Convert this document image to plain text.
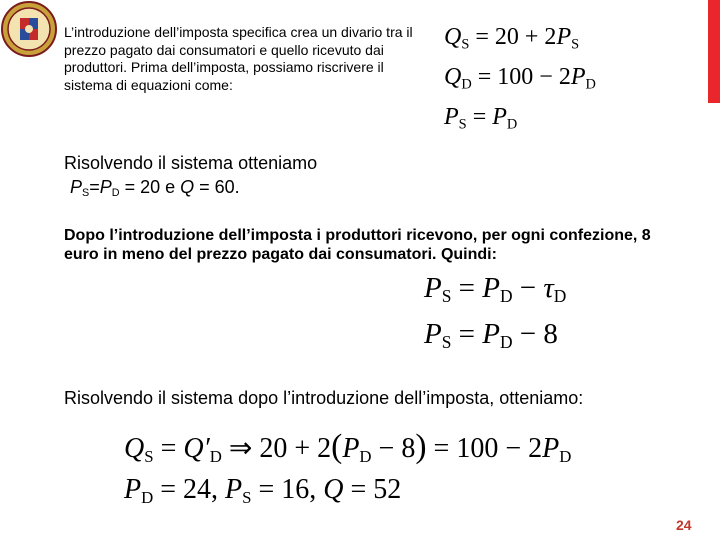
L’introduzione dell’imposta specifica crea un divario tra il prezzo pagato dai consumatori e quello ricevuto dai produttori. Prima dell’imposta, possiamo riscrivere il sistema di equazioni come:
$Q_S = 20 + 2P_S$
$Q_D = 100 - 2P_D$
$P_S = P_D$
Risolvendo il sistema otteniamo
$P_S=P_D = 20$ e Q = 60.
Dopo l’introduzione dell’imposta i produttori ricevono, per ogni confezione, 8 euro in meno del prezzo pagato dai consumatori. Quindi:
$P_S = P_D - \tau_D$
$P_S = P_D - 8$
Risolvendo il sistema dopo l’introduzione dell’imposta, otteniamo:
$Q_S = Q'_D$ ⇒ $20 + 2(P_D - 8) = 100 - 2P_D$
$P_D = 24$, $P_S = 16$, Q = 52
24
